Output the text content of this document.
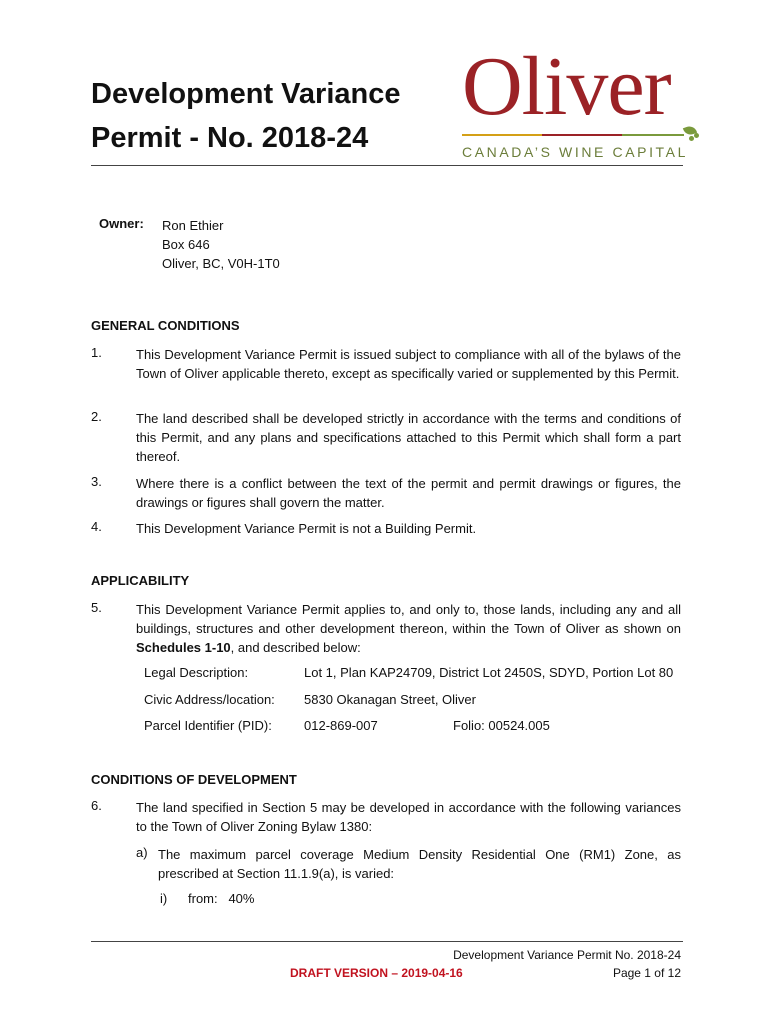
Development Variance
Permit - No. 2018-24
Oliver
CANADA’S WINE CAPITAL
Owner: Ron Ethier
Box 646
Oliver, BC, V0H-1T0
GENERAL CONDITIONS
1.	This Development Variance Permit is issued subject to compliance with all of the bylaws of the Town of Oliver applicable thereto, except as specifically varied or supplemented by this Permit.
2.	The land described shall be developed strictly in accordance with the terms and conditions of this Permit, and any plans and specifications attached to this Permit which shall form a part thereof.
3.	Where there is a conflict between the text of the permit and permit drawings or figures, the drawings or figures shall govern the matter.
4.	This Development Variance Permit is not a Building Permit.
APPLICABILITY
5.	This Development Variance Permit applies to, and only to, those lands, including any and all buildings, structures and other development thereon, within the Town of Oliver as shown on Schedules 1-10, and described below:
Legal Description:	Lot 1, Plan KAP24709, District Lot 2450S, SDYD, Portion Lot 80
Civic Address/location: 5830 Okanagan Street, Oliver
Parcel Identifier (PID): 012-869-007	Folio: 00524.005
CONDITIONS OF DEVELOPMENT
6.	The land specified in Section 5 may be developed in accordance with the following variances to the Town of Oliver Zoning Bylaw 1380:
a) The maximum parcel coverage Medium Density Residential One (RM1) Zone, as prescribed at Section 11.1.9(a), is varied:
i) from:   40%
Development Variance Permit No. 2018-24
DRAFT VERSION – 2019-04-16	Page 1 of 12
